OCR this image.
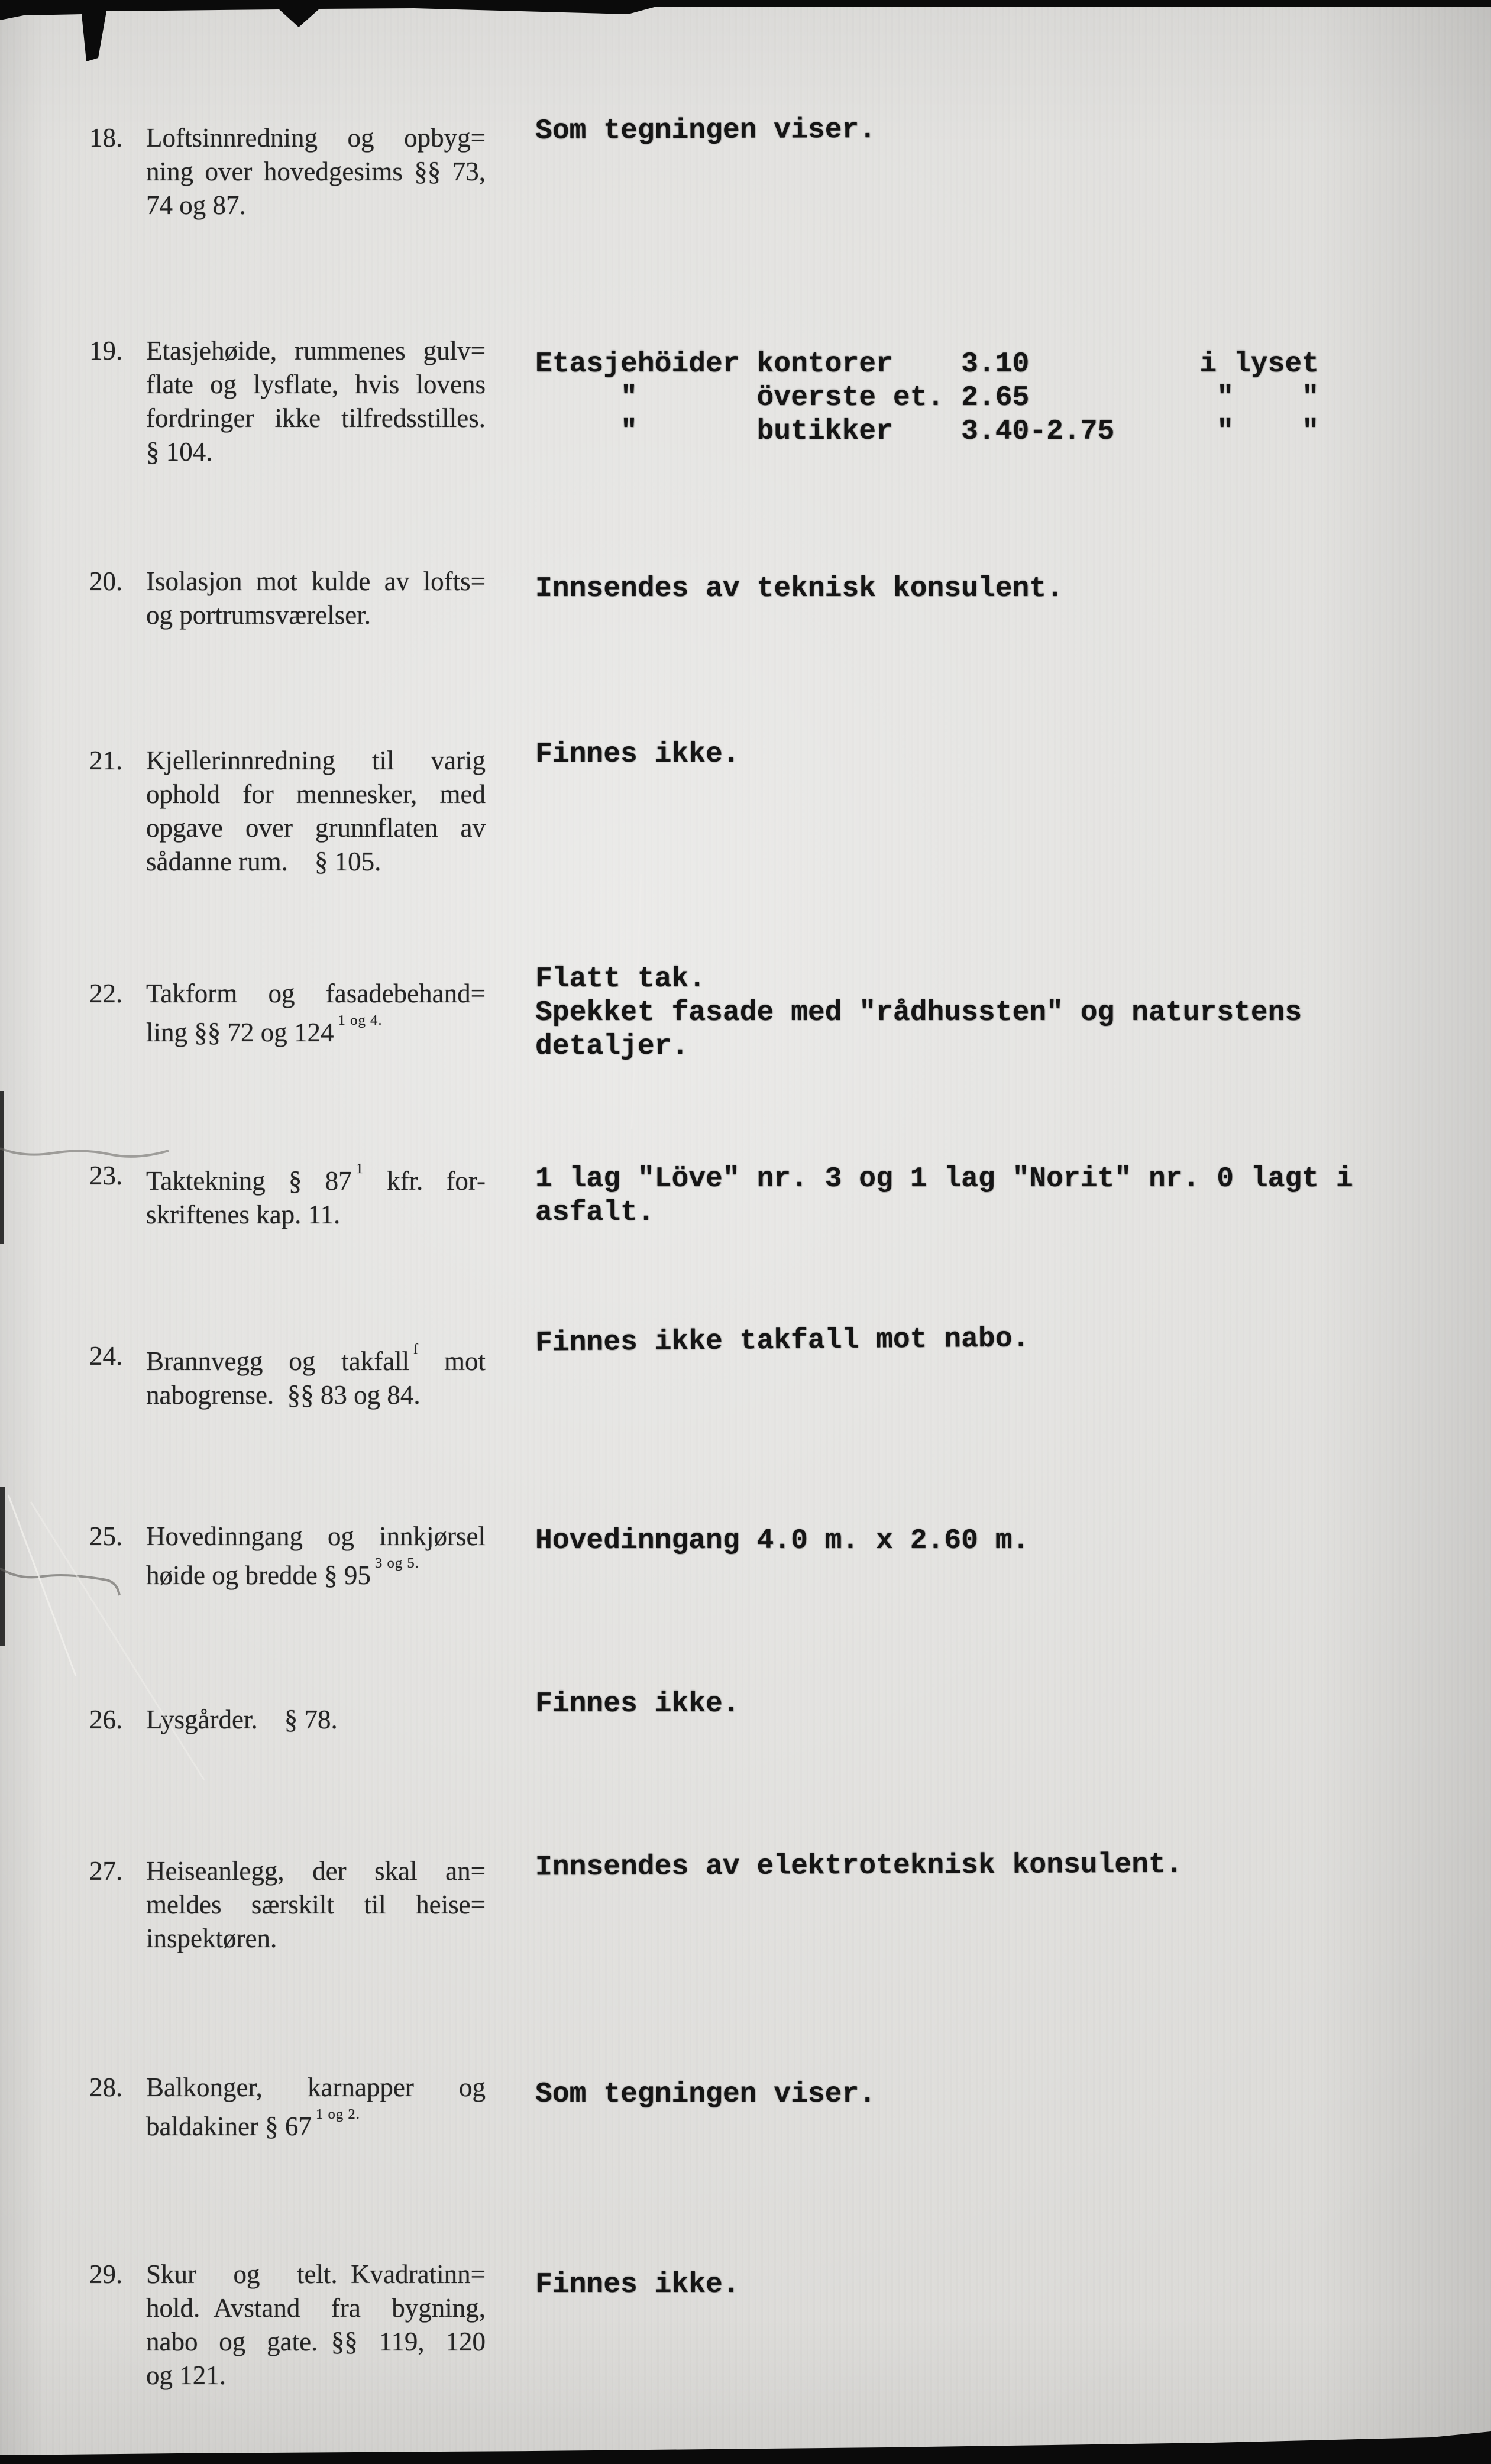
18. Loftsinnredning og opbyg=
ning over hovedgesims §§ 73,
74 og 87.
Som tegningen viser.
19. Etasjehøide, rummenes gulv=
flate og lysflate, hvis lovens
fordringer ikke tilfredsstilles.
§ 104.
Etasjehöider kontorer    3.10          i lyset
"       överste et. 2.65           "    "
"       butikker    3.40-2.75      "    "
20. Isolasjon mot kulde av lofts=
og portrumsværelser.
Innsendes av teknisk konsulent.
21. Kjellerinnredning til varig
ophold for mennesker, med
opgave over grunnflaten av
sådanne rum. § 105.
Finnes ikke.
22. Takform og fasadebehand=
ling §§ 72 og 124 $^{1 og 4.}$
Flatt tak.
Spekket fasade med "rådhussten" og naturstens
detaljer.
23. Taktekning § 87 $^1$ kfr. for-
skriftenes kap. 11.
1 lag "Löve" nr. 3 og 1 lag "Norit" nr. 0 lagt i
asfalt.
24. Brannvegg og takfall $^ſ$ mot
nabogrense. §§ 83 og 84.
Finnes ikke takfall mot nabo.
25. Hovedinngang og innkjørsel
høide og bredde § 95 $^{3 og 5.}$
Hovedinngang 4.0 m. x 2.60 m.
26. Lysgårder. § 78.	Finnes ikke.
27. Heiseanlegg, der skal an=
meldes særskilt til heise=
inspektøren.
Innsendes av elektroteknisk konsulent.
28. Balkonger, karnapper og
baldakiner § 67 $^{1 og 2.}$
Som tegningen viser.
29. Skur og telt. Kvadratinn=
hold. Avstand fra bygning,
nabo og gate. §§ 119, 120
og 121.
Finnes ikke.
